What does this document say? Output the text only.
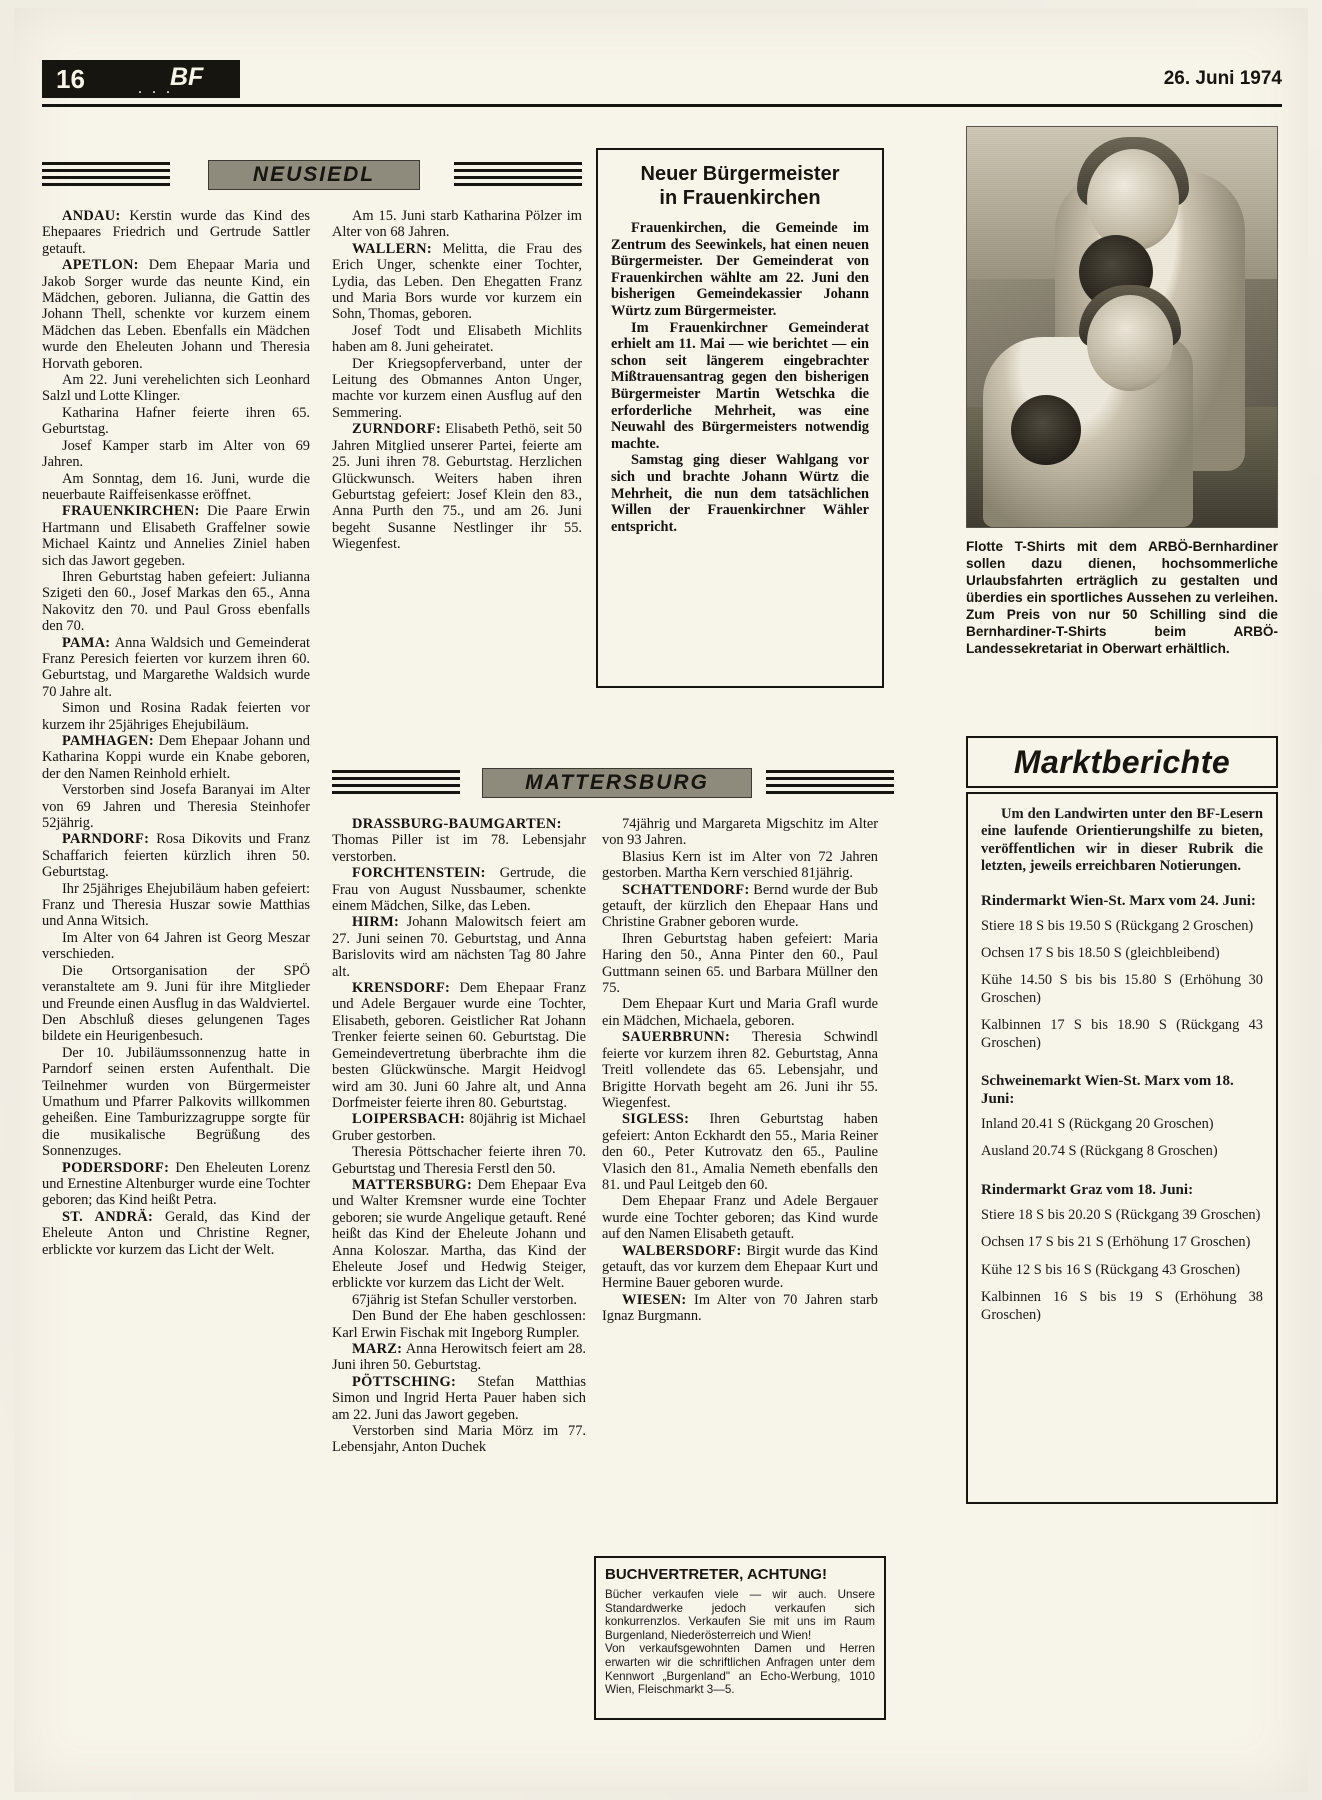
16	. . .
BF	26. Juni 1974
NEUSIEDL

ANDAU: Kerstin wurde das Kind des Ehepaares Friedrich und Gertrude Sattler getauft.

APETLON: Dem Ehepaar Maria und Jakob Sorger wurde das neunte Kind, ein Mädchen, geboren. Julianna, die Gattin des Johann Thell, schenkte vor kurzem einem Mädchen das Leben. Ebenfalls ein Mädchen wurde den Eheleuten Johann und Theresia Horvath geboren.

Am 22. Juni verehelichten sich Leonhard Salzl und Lotte Klinger.

Katharina Hafner feierte ihren 65. Geburtstag.

Josef Kamper starb im Alter von 69 Jahren.

Am Sonntag, dem 16. Juni, wurde die neuerbaute Raiffeisenkasse eröffnet.

FRAUENKIRCHEN: Die Paare Erwin Hartmann und Elisabeth Graffelner sowie Michael Kaintz und Annelies Ziniel haben sich das Jawort gegeben.

Ihren Geburtstag haben gefeiert: Julianna Szigeti den 60., Josef Markas den 65., Anna Nakovitz den 70. und Paul Gross ebenfalls den 70.

PAMA: Anna Waldsich und Gemeinderat Franz Peresich feierten vor kurzem ihren 60. Geburtstag, und Margarethe Waldsich wurde 70 Jahre alt.

Simon und Rosina Radak feierten vor kurzem ihr 25jähriges Ehejubiläum.

PAMHAGEN: Dem Ehepaar Johann und Katharina Koppi wurde ein Knabe geboren, der den Namen Reinhold erhielt.

Verstorben sind Josefa Baranyai im Alter von 69 Jahren und Theresia Steinhofer 52jährig.

PARNDORF: Rosa Dikovits und Franz Schaffarich feierten kürzlich ihren 50. Geburtstag.

Ihr 25jähriges Ehejubiläum haben gefeiert: Franz und Theresia Huszar sowie Matthias und Anna Witsich.

Im Alter von 64 Jahren ist Georg Meszar verschieden.

Die Ortsorganisation der SPÖ veranstaltete am 9. Juni für ihre Mitglieder und Freunde einen Ausflug in das Waldviertel. Den Abschluß dieses gelungenen Tages bildete ein Heurigenbesuch.

Der 10. Jubiläumssonnenzug hatte in Parndorf seinen ersten Aufenthalt. Die Teilnehmer wurden von Bürgermeister Umathum und Pfarrer Palkovits willkommen geheißen. Eine Tamburizzagruppe sorgte für die musikalische Begrüßung des Sonnenzuges.

PODERSDORF: Den Eheleuten Lorenz und Ernestine Altenburger wurde eine Tochter geboren; das Kind heißt Petra.

ST. ANDRÄ: Gerald, das Kind der Eheleute Anton und Christine Regner, erblickte vor kurzem das Licht der Welt.

Am 15. Juni starb Katharina Pölzer im Alter von 68 Jahren.

WALLERN: Melitta, die Frau des Erich Unger, schenkte einer Tochter, Lydia, das Leben. Den Ehegatten Franz und Maria Bors wurde vor kurzem ein Sohn, Thomas, geboren.

Josef Todt und Elisabeth Michlits haben am 8. Juni geheiratet.

Der Kriegsopferverband, unter der Leitung des Obmannes Anton Unger, machte vor kurzem einen Ausflug auf den Semmering.

ZURNDORF: Elisabeth Pethö, seit 50 Jahren Mitglied unserer Partei, feierte am 25. Juni ihren 78. Geburtstag. Herzlichen Glückwunsch. Weiters haben ihren Geburtstag gefeiert: Josef Klein den 83., Anna Purth den 75., und am 26. Juni begeht Susanne Nestlinger ihr 55. Wiegenfest.

MATTERSBURG

DRASSBURG-BAUMGARTEN: Thomas Piller ist im 78. Lebensjahr verstorben.

FORCHTENSTEIN: Gertrude, die Frau von August Nussbaumer, schenkte einem Mädchen, Silke, das Leben.

HIRM: Johann Malowitsch feiert am 27. Juni seinen 70. Geburtstag, und Anna Barislovits wird am nächsten Tag 80 Jahre alt.

KRENSDORF: Dem Ehepaar Franz und Adele Bergauer wurde eine Tochter, Elisabeth, geboren. Geistlicher Rat Johann Trenker feierte seinen 60. Geburtstag. Die Gemeindevertretung überbrachte ihm die besten Glückwünsche. Margit Heidvogl wird am 30. Juni 60 Jahre alt, und Anna Dorfmeister feierte ihren 80. Geburtstag.

LOIPERSBACH: 80jährig ist Michael Gruber gestorben.

Theresia Pöttschacher feierte ihren 70. Geburtstag und Theresia Ferstl den 50.

MATTERSBURG: Dem Ehepaar Eva und Walter Kremsner wurde eine Tochter geboren; sie wurde Angelique getauft. René heißt das Kind der Eheleute Johann und Anna Koloszar. Martha, das Kind der Eheleute Josef und Hedwig Steiger, erblickte vor kurzem das Licht der Welt.

67jährig ist Stefan Schuller verstorben.

Den Bund der Ehe haben geschlossen: Karl Erwin Fischak mit Ingeborg Rumpler.

MARZ: Anna Herowitsch feiert am 28. Juni ihren 50. Geburtstag.

PÖTTSCHING: Stefan Matthias Simon und Ingrid Herta Pauer haben sich am 22. Juni das Jawort gegeben.

Verstorben sind Maria Mörz im 77. Lebensjahr, Anton Duchek

74jährig und Margareta Migschitz im Alter von 93 Jahren.

Blasius Kern ist im Alter von 72 Jahren gestorben. Martha Kern verschied 81jährig.

SCHATTENDORF: Bernd wurde der Bub getauft, der kürzlich den Ehepaar Hans und Christine Grabner geboren wurde.

Ihren Geburtstag haben gefeiert: Maria Haring den 50., Anna Pinter den 60., Paul Guttmann seinen 65. und Barbara Müllner den 75.

Dem Ehepaar Kurt und Maria Grafl wurde ein Mädchen, Michaela, geboren.

SAUERBRUNN: Theresia Schwindl feierte vor kurzem ihren 82. Geburtstag, Anna Treitl vollendete das 65. Lebensjahr, und Brigitte Horvath begeht am 26. Juni ihr 55. Wiegenfest.

SIGLESS: Ihren Geburtstag haben gefeiert: Anton Eckhardt den 55., Maria Reiner den 60., Peter Kutrovatz den 65., Pauline Vlasich den 81., Amalia Nemeth ebenfalls den 81. und Paul Leitgeb den 60.

Dem Ehepaar Franz und Adele Bergauer wurde eine Tochter geboren; das Kind wurde auf den Namen Elisabeth getauft.

WALBERSDORF: Birgit wurde das Kind getauft, das vor kurzem dem Ehepaar Kurt und Hermine Bauer geboren wurde.

WIESEN: Im Alter von 70 Jahren starb Ignaz Burgmann.

Neuer Bürgermeister
in Frauenkirchen

Frauenkirchen, die Gemeinde im Zentrum des Seewinkels, hat einen neuen Bürgermeister. Der Gemeinderat von Frauenkirchen wählte am 22. Juni den bisherigen Gemeindekassier Johann Würtz zum Bürgermeister.

Im Frauenkirchner Gemeinderat erhielt am 11. Mai — wie berichtet — ein schon seit längerem eingebrachter Mißtrauensantrag gegen den bisherigen Bürgermeister Martin Wetschka die erforderliche Mehrheit, was eine Neuwahl des Bürgermeisters notwendig machte.

Samstag ging dieser Wahlgang vor sich und brachte Johann Würtz die Mehrheit, die nun dem tatsächlichen Willen der Frauenkirchner Wähler entspricht.

Flotte T-Shirts mit dem ARBÖ-Bernhardiner sollen dazu dienen, hochsommerliche Urlaubsfahrten erträglich zu gestalten und überdies ein sportliches Aussehen zu verleihen. Zum Preis von nur 50 Schilling sind die Bernhardiner-T-Shirts beim ARBÖ-Landessekretariat in Oberwart erhältlich.
Marktberichte

Um den Landwirten unter den BF-Lesern eine laufende Orientierungshilfe zu bieten, veröffentlichen wir in dieser Rubrik die letzten, jeweils erreichbaren Notierungen.

Rindermarkt Wien-St. Marx vom 24. Juni:

Stiere 18 S bis 19.50 S (Rückgang 2 Groschen)

Ochsen 17 S bis 18.50 S (gleichbleibend)

Kühe 14.50 S bis bis 15.80 S (Erhöhung 30 Groschen)

Kalbinnen 17 S bis 18.90 S (Rückgang 43 Groschen)

Schweinemarkt Wien-St. Marx vom 18. Juni:

Inland 20.41 S (Rückgang 20 Groschen)

Ausland 20.74 S (Rückgang 8 Groschen)

Rindermarkt Graz vom 18. Juni:

Stiere 18 S bis 20.20 S (Rückgang 39 Groschen)

Ochsen 17 S bis 21 S (Erhöhung 17 Groschen)

Kühe 12 S bis 16 S (Rückgang 43 Groschen)

Kalbinnen 16 S bis 19 S (Erhöhung 38 Groschen)

BUCHVERTRETER, ACHTUNG!

Bücher verkaufen viele — wir auch. Unsere Standardwerke jedoch verkaufen sich konkurrenzlos. Verkaufen Sie mit uns im Raum Burgenland, Niederösterreich und Wien!

Von verkaufsgewohnten Damen und Herren erwarten wir die schriftlichen Anfragen unter dem Kennwort „Burgenland" an Echo-Werbung, 1010 Wien, Fleischmarkt 3—5.
